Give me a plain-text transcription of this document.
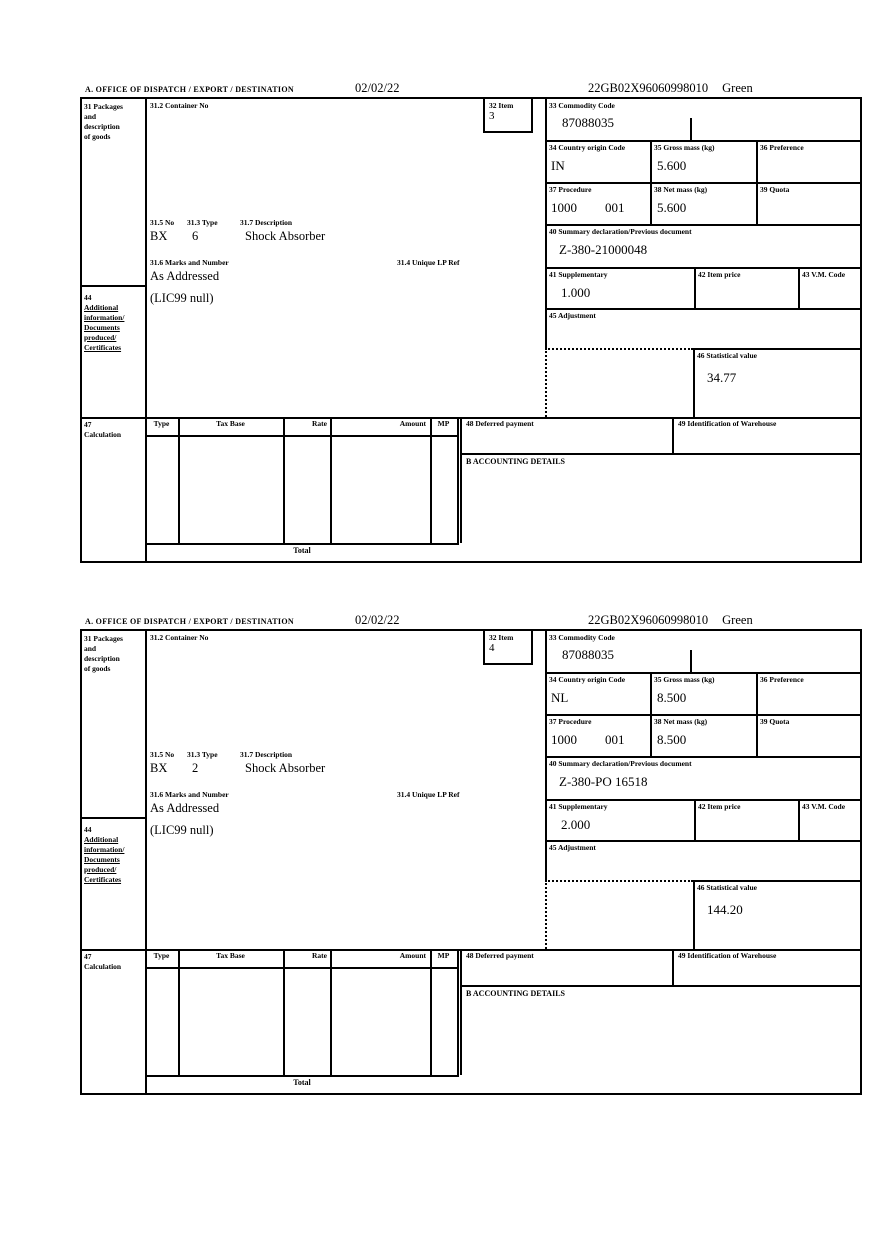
A. OFFICE OF DISPATCH / EXPORT / DESTINATION	02/02/22	22GB02X96060998010 Green
31 Packages
and
description
of goods
44
Additional
information/
Documents
produced/
Certificates
47
Calculation
31.2 Container No	32 Item
3
31.5 No 31.3 Type	31.7 Description
BX 6	Shock Absorber
31.6 Marks and Number	31.4 Unique LP Ref
As Addressed
(LIC99 null)
33 Commodity Code
87088035
34 Country origin Code
IN
35 Gross mass (kg)
5.600
36 Preference
37 Procedure
1000 001
38 Net mass (kg)
5.600
39 Quota
40 Summary declaration/Previous document
Z-380-21000048
41 Supplementary
1.000
42 Item price	43 V.M. Code
45 Adjustment
46 Statistical value
34.77
Type	Tax Base	Rate	Amount	MP	48 Deferred payment	49 Identification of Warehouse
B ACCOUNTING DETAILS
Total
A. OFFICE OF DISPATCH / EXPORT / DESTINATION	02/02/22	22GB02X96060998010 Green
31 Packages
and
description
of goods
44
Additional
information/
Documents
produced/
Certificates
47
Calculation
31.2 Container No	32 Item
4
31.5 No 31.3 Type	31.7 Description
BX 2	Shock Absorber
31.6 Marks and Number	31.4 Unique LP Ref
As Addressed
(LIC99 null)
33 Commodity Code
87088035
34 Country origin Code
NL
35 Gross mass (kg)
8.500
36 Preference
37 Procedure
1000 001
38 Net mass (kg)
8.500
39 Quota
40 Summary declaration/Previous document
Z-380-PO 16518
41 Supplementary
2.000
42 Item price	43 V.M. Code
45 Adjustment
46 Statistical value
144.20
Type	Tax Base	Rate	Amount	MP	48 Deferred payment	49 Identification of Warehouse
B ACCOUNTING DETAILS
Total
